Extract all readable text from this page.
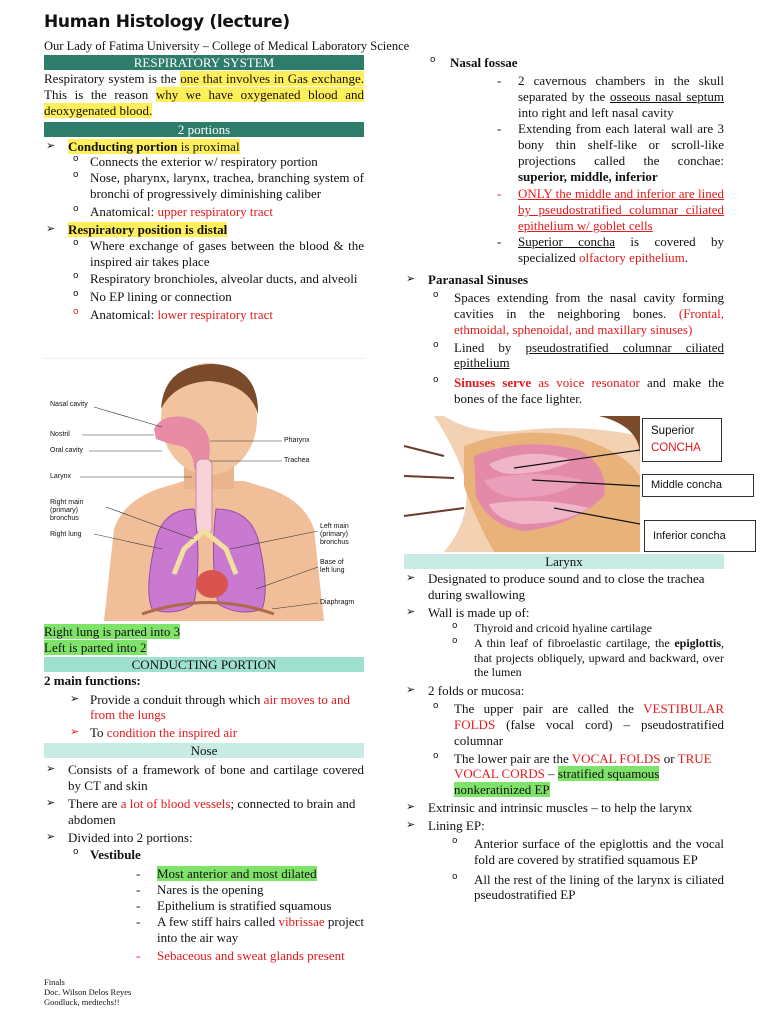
Human Histology (lecture)
Our Lady of Fatima University – College of Medical Laboratory Science
RESPIRATORY SYSTEM

Respiratory system is the one that involves in Gas exchange. This is the reason why we have oxygenated blood and deoxygenated blood.

2 portions
➢ Conducting portion is proximal
o Connects the exterior w/ respiratory portion
o Nose, pharynx, larynx, trachea, branching system of bronchi of progressively diminishing caliber
o Anatomical: upper respiratory tract
➢ Respiratory position is distal
o Where exchange of gases between the blood & the inspired air takes place
o Respiratory bronchioles, alveolar ducts, and alveoli
o No EP lining or connection
o Anatomical: lower respiratory tract
Nasal cavity
Nostril
Oral cavity
Larynx
Right main
(primary)
bronchus
Right lung
Pharynx
Trachea
Left main
(primary)
bronchus
Base of
left lung
Diaphragm
Right lung is parted into 3
Left is parted into 2
CONDUCTING PORTION
2 main functions:
➢ Provide a conduit through which air moves to and from the lungs
➢ To condition the inspired air
Nose
➢ Consists of a framework of bone and cartilage covered by CT and skin
➢ There are a lot of blood vessels; connected to brain and abdomen
➢ Divided into 2 portions:
o Vestibule
- Most anterior and most dilated
- Nares is the opening
- Epithelium is stratified squamous
- A few stiff hairs called vibrissae project into the air way
- Sebaceous and sweat glands present
o Nasal fossae
- 2 cavernous chambers in the skull separated by the osseous nasal septum into right and left nasal cavity
- Extending from each lateral wall are 3 bony thin shelf-like or scroll-like projections called the conchae: superior, middle, inferior
- ONLY the middle and inferior are lined by pseudostratified columnar ciliated epithelium w/ goblet cells
- Superior concha is covered by specialized olfactory epithelium.
➢ Paranasal Sinuses
o Spaces extending from the nasal cavity forming cavities in the neighboring bones. (Frontal, ethmoidal, sphenoidal, and maxillary sinuses)
o Lined by pseudostratified columnar ciliated epithelium
o Sinuses serve as voice resonator and make the bones of the face lighter.
Superior
CONCHA
Middle concha
Inferior concha
Larynx
➢ Designated to produce sound and to close the trachea during swallowing
➢ Wall is made up of:
o Thyroid and cricoid hyaline cartilage
o A thin leaf of fibroelastic cartilage, the epiglottis, that projects obliquely, upward and backward, over the lumen
➢ 2 folds or mucosa:
o The upper pair are called the VESTIBULAR FOLDS (false vocal cord) – pseudostratified columnar
o The lower pair are the VOCAL FOLDS or TRUE VOCAL CORDS – stratified squamous nonkeratinized EP
➢ Extrinsic and intrinsic muscles – to help the larynx
➢ Lining EP:
o Anterior surface of the epiglottis and the vocal fold are covered by stratified squamous EP
o All the rest of the lining of the larynx is ciliated pseudostratified EP
Finals
Doc. Wilson Delos Reyes
Goodluck, medtechs!!
